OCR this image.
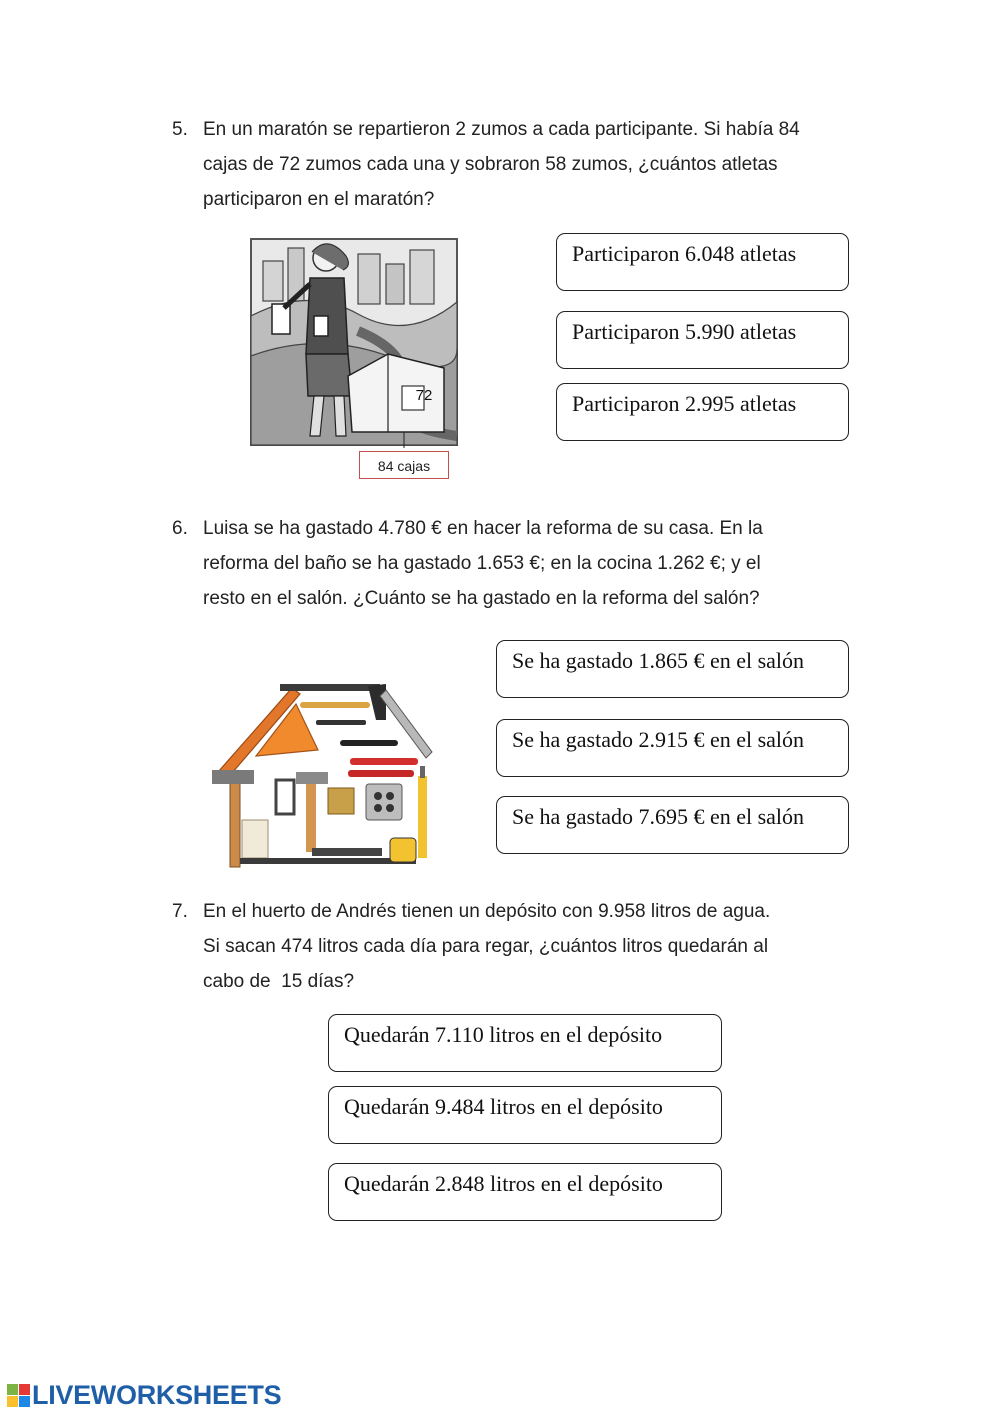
5. En un maratón se repartieron 2 zumos a cada participante. Si había 84
cajas de 72 zumos cada una y sobraron 58 zumos, ¿cuántos atletas
participaron en el maratón?
72
84 cajas
Participaron 6.048 atletas
Participaron 5.990 atletas
Participaron 2.995 atletas
6. Luisa se ha gastado 4.780 € en hacer la reforma de su casa. En la
reforma del baño se ha gastado 1.653 €; en la cocina 1.262 €; y el
resto en el salón. ¿Cuánto se ha gastado en la reforma del salón?
Se ha gastado 1.865 € en el salón
Se ha gastado 2.915 € en el salón
Se ha gastado 7.695 € en el salón
7. En el huerto de Andrés tienen un depósito con 9.958 litros de agua.
Si sacan 474 litros cada día para regar, ¿cuántos litros quedarán al
cabo de  15 días?
Quedarán 7.110 litros en el depósito
Quedarán 9.484 litros en el depósito
Quedarán 2.848 litros en el depósito
LIVEWORKSHEETS
